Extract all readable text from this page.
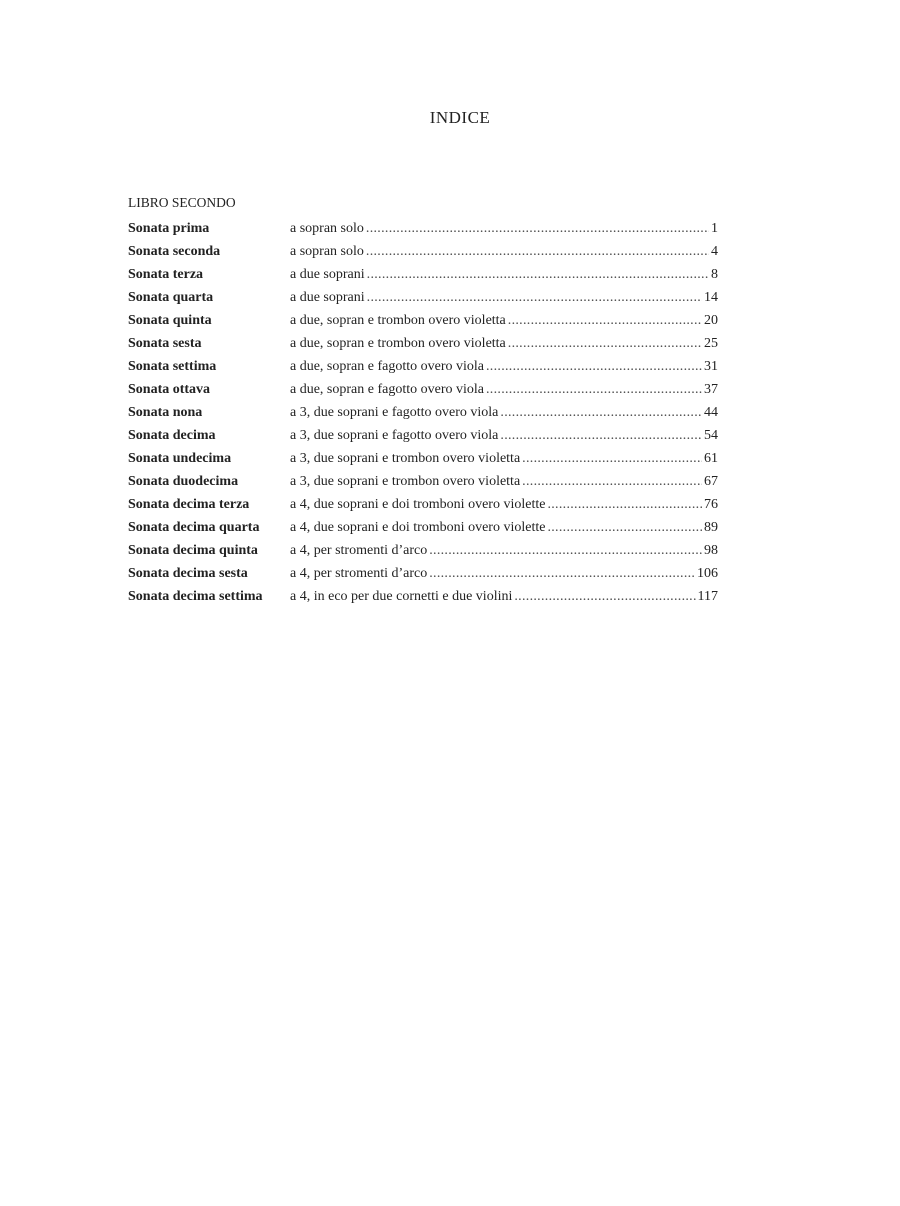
INDICE
LIBRO SECONDO
Sonata prima	a sopran solo .....	1
Sonata seconda	a sopran solo .....	4
Sonata terza	a due soprani .....	8
Sonata quarta	a due soprani .....	14
Sonata quinta	a due, sopran e trombon overo violetta .....	20
Sonata sesta	a due, sopran e trombon overo violetta .....	25
Sonata settima	a due, sopran e fagotto overo viola .....	31
Sonata ottava	a due, sopran e fagotto overo viola .....	37
Sonata nona	a 3, due soprani e fagotto overo viola .....	44
Sonata decima	a 3, due soprani e fagotto overo viola .....	54
Sonata undecima	a 3, due soprani e trombon overo violetta .....	61
Sonata duodecima	a 3, due soprani e trombon overo violetta .....	67
Sonata decima terza	a 4, due soprani e doi tromboni overo violette .....	76
Sonata decima quarta	a 4, due soprani e doi tromboni overo violette .....	89
Sonata decima quinta	a 4, per stromenti d’arco .....	98
Sonata decima sesta	a 4, per stromenti d’arco .....	106
Sonata decima settima	a 4, in eco per due cornetti e due violini .....	117
